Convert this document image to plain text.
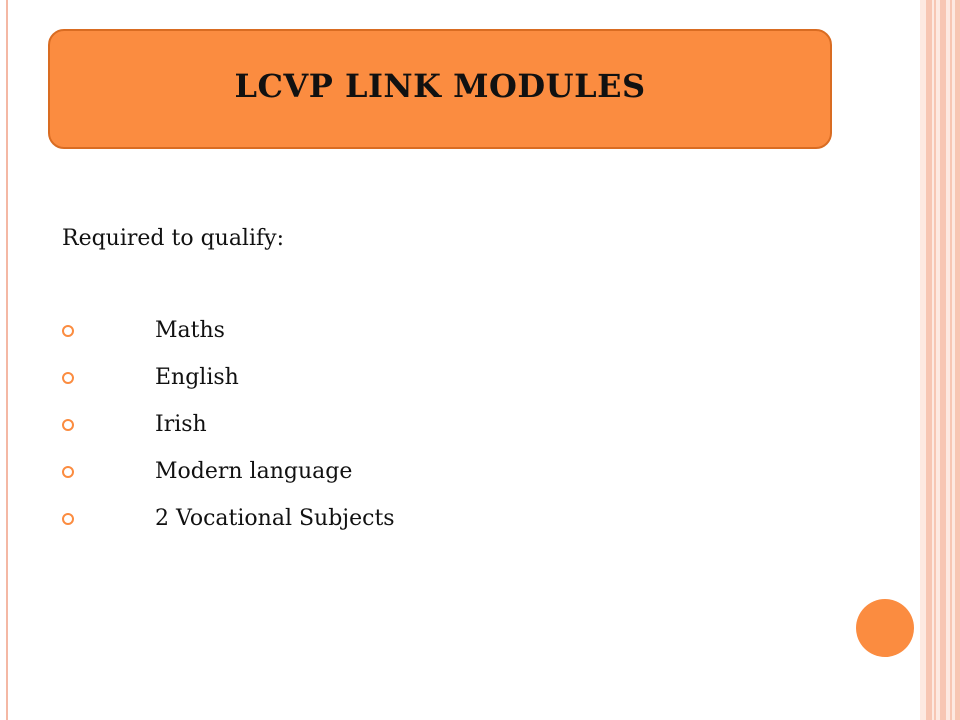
LCVP LINK MODULES
Required to qualify:
Maths
English
Irish
Modern language
2 Vocational Subjects
